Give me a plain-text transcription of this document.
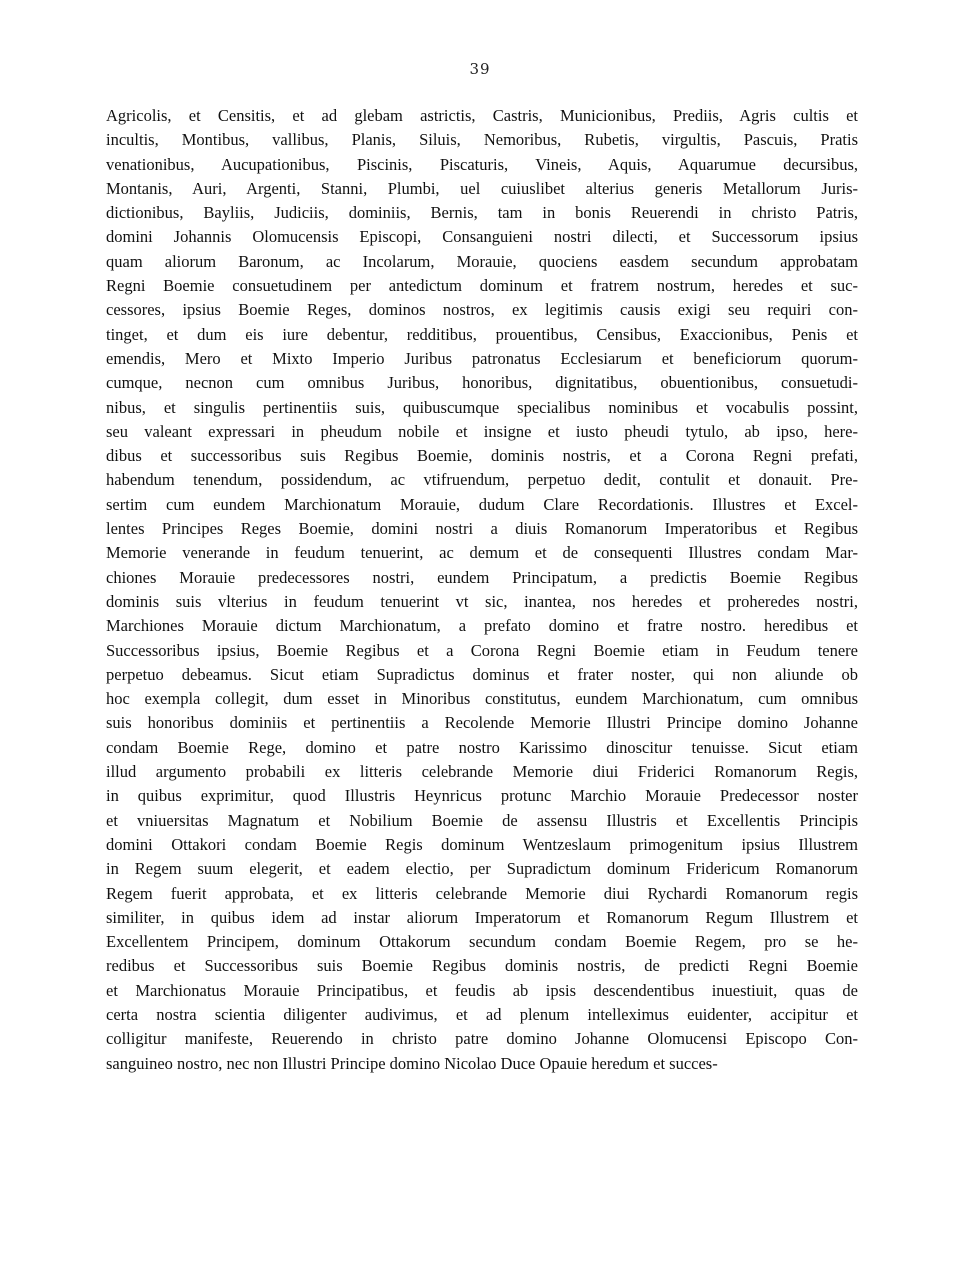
39
Agricolis, et Censitis, et ad glebam astrictis, Castris, Municionibus, Prediis, Agris cultis et
incultis, Montibus, vallibus, Planis, Siluis, Nemoribus, Rubetis, virgultis, Pascuis, Pratis
venationibus, Aucupationibus, Piscinis, Piscaturis, Vineis, Aquis, Aquarumue decursibus,
Montanis, Auri, Argenti, Stanni, Plumbi, uel cuiuslibet alterius generis Metallorum Juris-
dictionibus, Bayliis, Judiciis, dominiis, Bernis, tam in bonis Reuerendi in christo Patris,
domini Johannis Olomucensis Episcopi, Consanguieni nostri dilecti, et Successorum ipsius
quam aliorum Baronum, ac Incolarum, Morauie, quociens easdem secundum approbatam
Regni Boemie consuetudinem per antedictum dominum et fratrem nostrum, heredes et suc-
cessores, ipsius Boemie Reges, dominos nostros, ex legitimis causis exigi seu requiri con-
tinget, et dum eis iure debentur, redditibus, prouentibus, Censibus, Exaccionibus, Penis et
emendis, Mero et Mixto Imperio Juribus patronatus Ecclesiarum et beneficiorum quorum-
cumque, necnon cum omnibus Juribus, honoribus, dignitatibus, obuentionibus, consuetudi-
nibus, et singulis pertinentiis suis, quibuscumque specialibus nominibus et vocabulis possint,
seu valeant expressari in pheudum nobile et insigne et iusto pheudi tytulo, ab ipso, here-
dibus et successoribus suis Regibus Boemie, dominis nostris, et a Corona Regni prefati,
habendum tenendum, possidendum, ac vtifruendum, perpetuo dedit, contulit et donauit. Pre-
sertim cum eundem Marchionatum Morauie, dudum Clare Recordationis. Illustres et Excel-
lentes Principes Reges Boemie, domini nostri a diuis Romanorum Imperatoribus et Regibus
Memorie venerande in feudum tenuerint, ac demum et de consequenti Illustres condam Mar-
chiones Morauie predecessores nostri, eundem Principatum, a predictis Boemie Regibus
dominis suis vlterius in feudum tenuerint vt sic, inantea, nos heredes et proheredes nostri,
Marchiones Morauie dictum Marchionatum, a prefato domino et fratre nostro. heredibus et
Successoribus ipsius, Boemie Regibus et a Corona Regni Boemie etiam in Feudum tenere
perpetuo debeamus. Sicut etiam Supradictus dominus et frater noster, qui non aliunde ob
hoc exempla collegit, dum esset in Minoribus constitutus, eundem Marchionatum, cum omnibus
suis honoribus dominiis et pertinentiis a Recolende Memorie Illustri Principe domino Johanne
condam Boemie Rege, domino et patre nostro Karissimo dinoscitur tenuisse. Sicut etiam
illud argumento probabili ex litteris celebrande Memorie diui Friderici Romanorum Regis,
in quibus exprimitur, quod Illustris Heynricus protunc Marchio Morauie Predecessor noster
et vniuersitas Magnatum et Nobilium Boemie de assensu Illustris et Excellentis Principis
domini Ottakori condam Boemie Regis dominum Wentzeslaum primogenitum ipsius Illustrem
in Regem suum elegerit, et eadem electio, per Supradictum dominum Fridericum Romanorum
Regem fuerit approbata, et ex litteris celebrande Memorie diui Rychardi Romanorum regis
similiter, in quibus idem ad instar aliorum Imperatorum et Romanorum Regum Illustrem et
Excellentem Principem, dominum Ottakorum secundum condam Boemie Regem, pro se he-
redibus et Successoribus suis Boemie Regibus dominis nostris, de predicti Regni Boemie
et Marchionatus Morauie Principatibus, et feudis ab ipsis descendentibus inuestiuit, quas de
certa nostra scientia diligenter audivimus, et ad plenum intelleximus euidenter, accipitur et
colligitur manifeste, Reuerendo in christo patre domino Johanne Olomucensi Episcopo Con-
sanguineo nostro, nec non Illustri Principe domino Nicolao Duce Opauie heredum et succes-
